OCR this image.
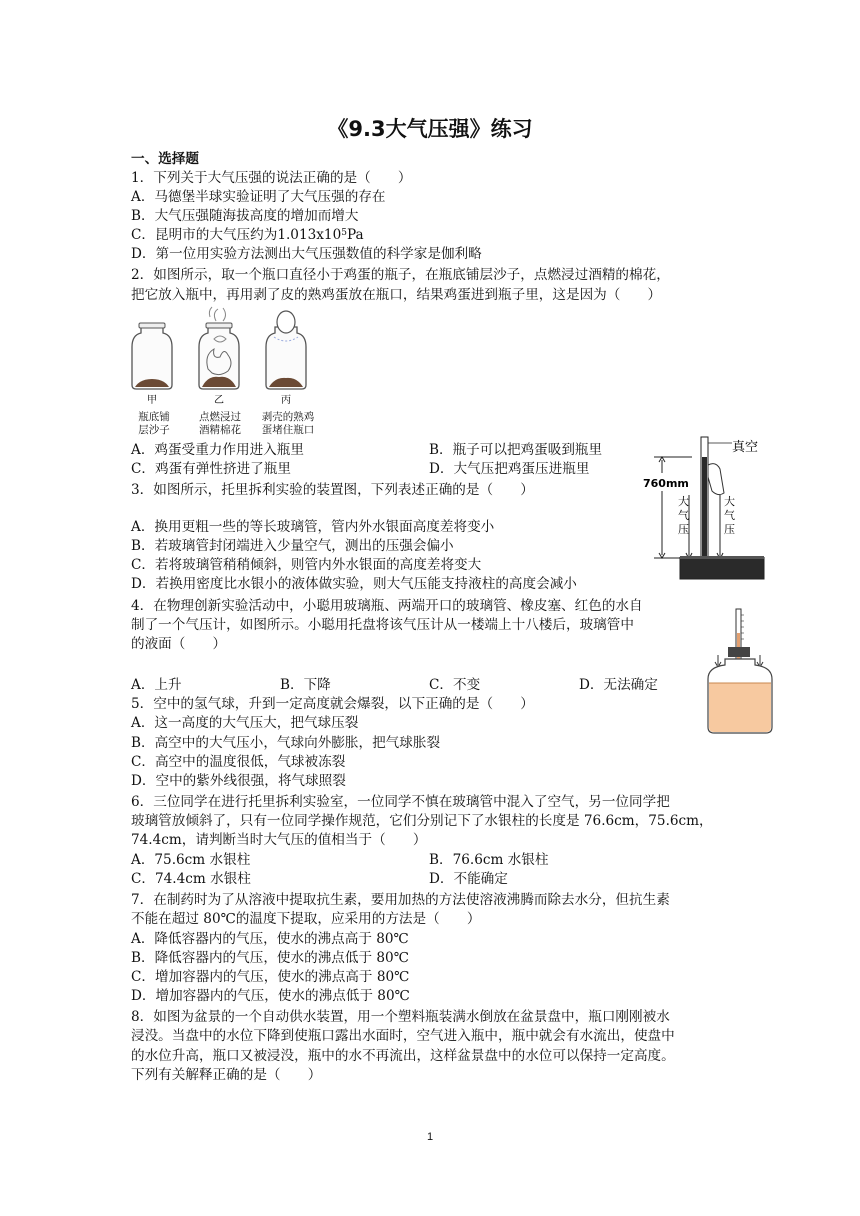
《9.3大气压强》练习
一、选择题
1．下列关于大气压强的说法正确的是（　　）
A．马德堡半球实验证明了大气压强的存在
B．大气压强随海拔高度的增加而增大
C．昆明市的大气压约为$1.013x10^5Pa$
D．第一位用实验方法测出大气压强数值的科学家是伽利略
2．如图所示，取一个瓶口直径小于鸡蛋的瓶子，在瓶底铺层沙子，点燃浸过酒精的棉花，
把它放入瓶中，再用剥了皮的熟鸡蛋放在瓶口，结果鸡蛋进到瓶子里，这是因为（　　）
甲	乙	丙
瓶底铺
层沙子
点燃浸过
酒精棉花
剥壳的熟鸡
蛋堵住瓶口
A．鸡蛋受重力作用进入瓶里	B．瓶子可以把鸡蛋吸到瓶里
C．鸡蛋有弹性挤进了瓶里	D．大气压把鸡蛋压进瓶里
760mm
真空
大
气
压
大
气
压
3．如图所示，托里拆利实验的装置图，下列表述正确的是（　　）
A．换用更粗一些的等长玻璃管，管内外水银面高度差将变小
B．若玻璃管封闭端进入少量空气，测出的压强会偏小
C．若将玻璃管稍稍倾斜，则管内外水银面的高度差将变大
D．若换用密度比水银小的液体做实验，则大气压能支持液柱的高度会减小
4．在物理创新实验活动中，小聪用玻璃瓶、两端开口的玻璃管、橡皮塞、红色的水自
制了一个气压计，如图所示。小聪用托盘将该气压计从一楼端上十八楼后，玻璃管中
的液面（　　）
A．上升	B．下降	C．不变	D．无法确定
5．空中的氢气球，升到一定高度就会爆裂，以下正确的是（　　）
A．这一高度的大气压大，把气球压裂
B．高空中的大气压小，气球向外膨胀，把气球胀裂
C．高空中的温度很低，气球被冻裂
D．空中的紫外线很强，将气球照裂
6．三位同学在进行托里拆利实验室，一位同学不慎在玻璃管中混入了空气，另一位同学把
玻璃管放倾斜了，只有一位同学操作规范，它们分别记下了水银柱的长度是 76.6cm，75.6cm，
74.4cm，请判断当时大气压的值相当于（　　）
A．75.6cm 水银柱	B．76.6cm 水银柱
C．74.4cm 水银柱	D．不能确定
7．在制药时为了从溶液中提取抗生素，要用加热的方法使溶液沸腾而除去水分，但抗生素
不能在超过 80℃的温度下提取，应采用的方法是（　　）
A．降低容器内的气压，使水的沸点高于 80℃
B．降低容器内的气压，使水的沸点低于 80℃
C．增加容器内的气压，使水的沸点高于 80℃
D．增加容器内的气压，使水的沸点低于 80℃
8．如图为盆景的一个自动供水装置，用一个塑料瓶装满水倒放在盆景盘中，瓶口刚刚被水
浸没。当盘中的水位下降到使瓶口露出水面时，空气进入瓶中，瓶中就会有水流出，使盘中
的水位升高，瓶口又被浸没，瓶中的水不再流出，这样盆景盘中的水位可以保持一定高度。
下列有关解释正确的是（　　）
1
